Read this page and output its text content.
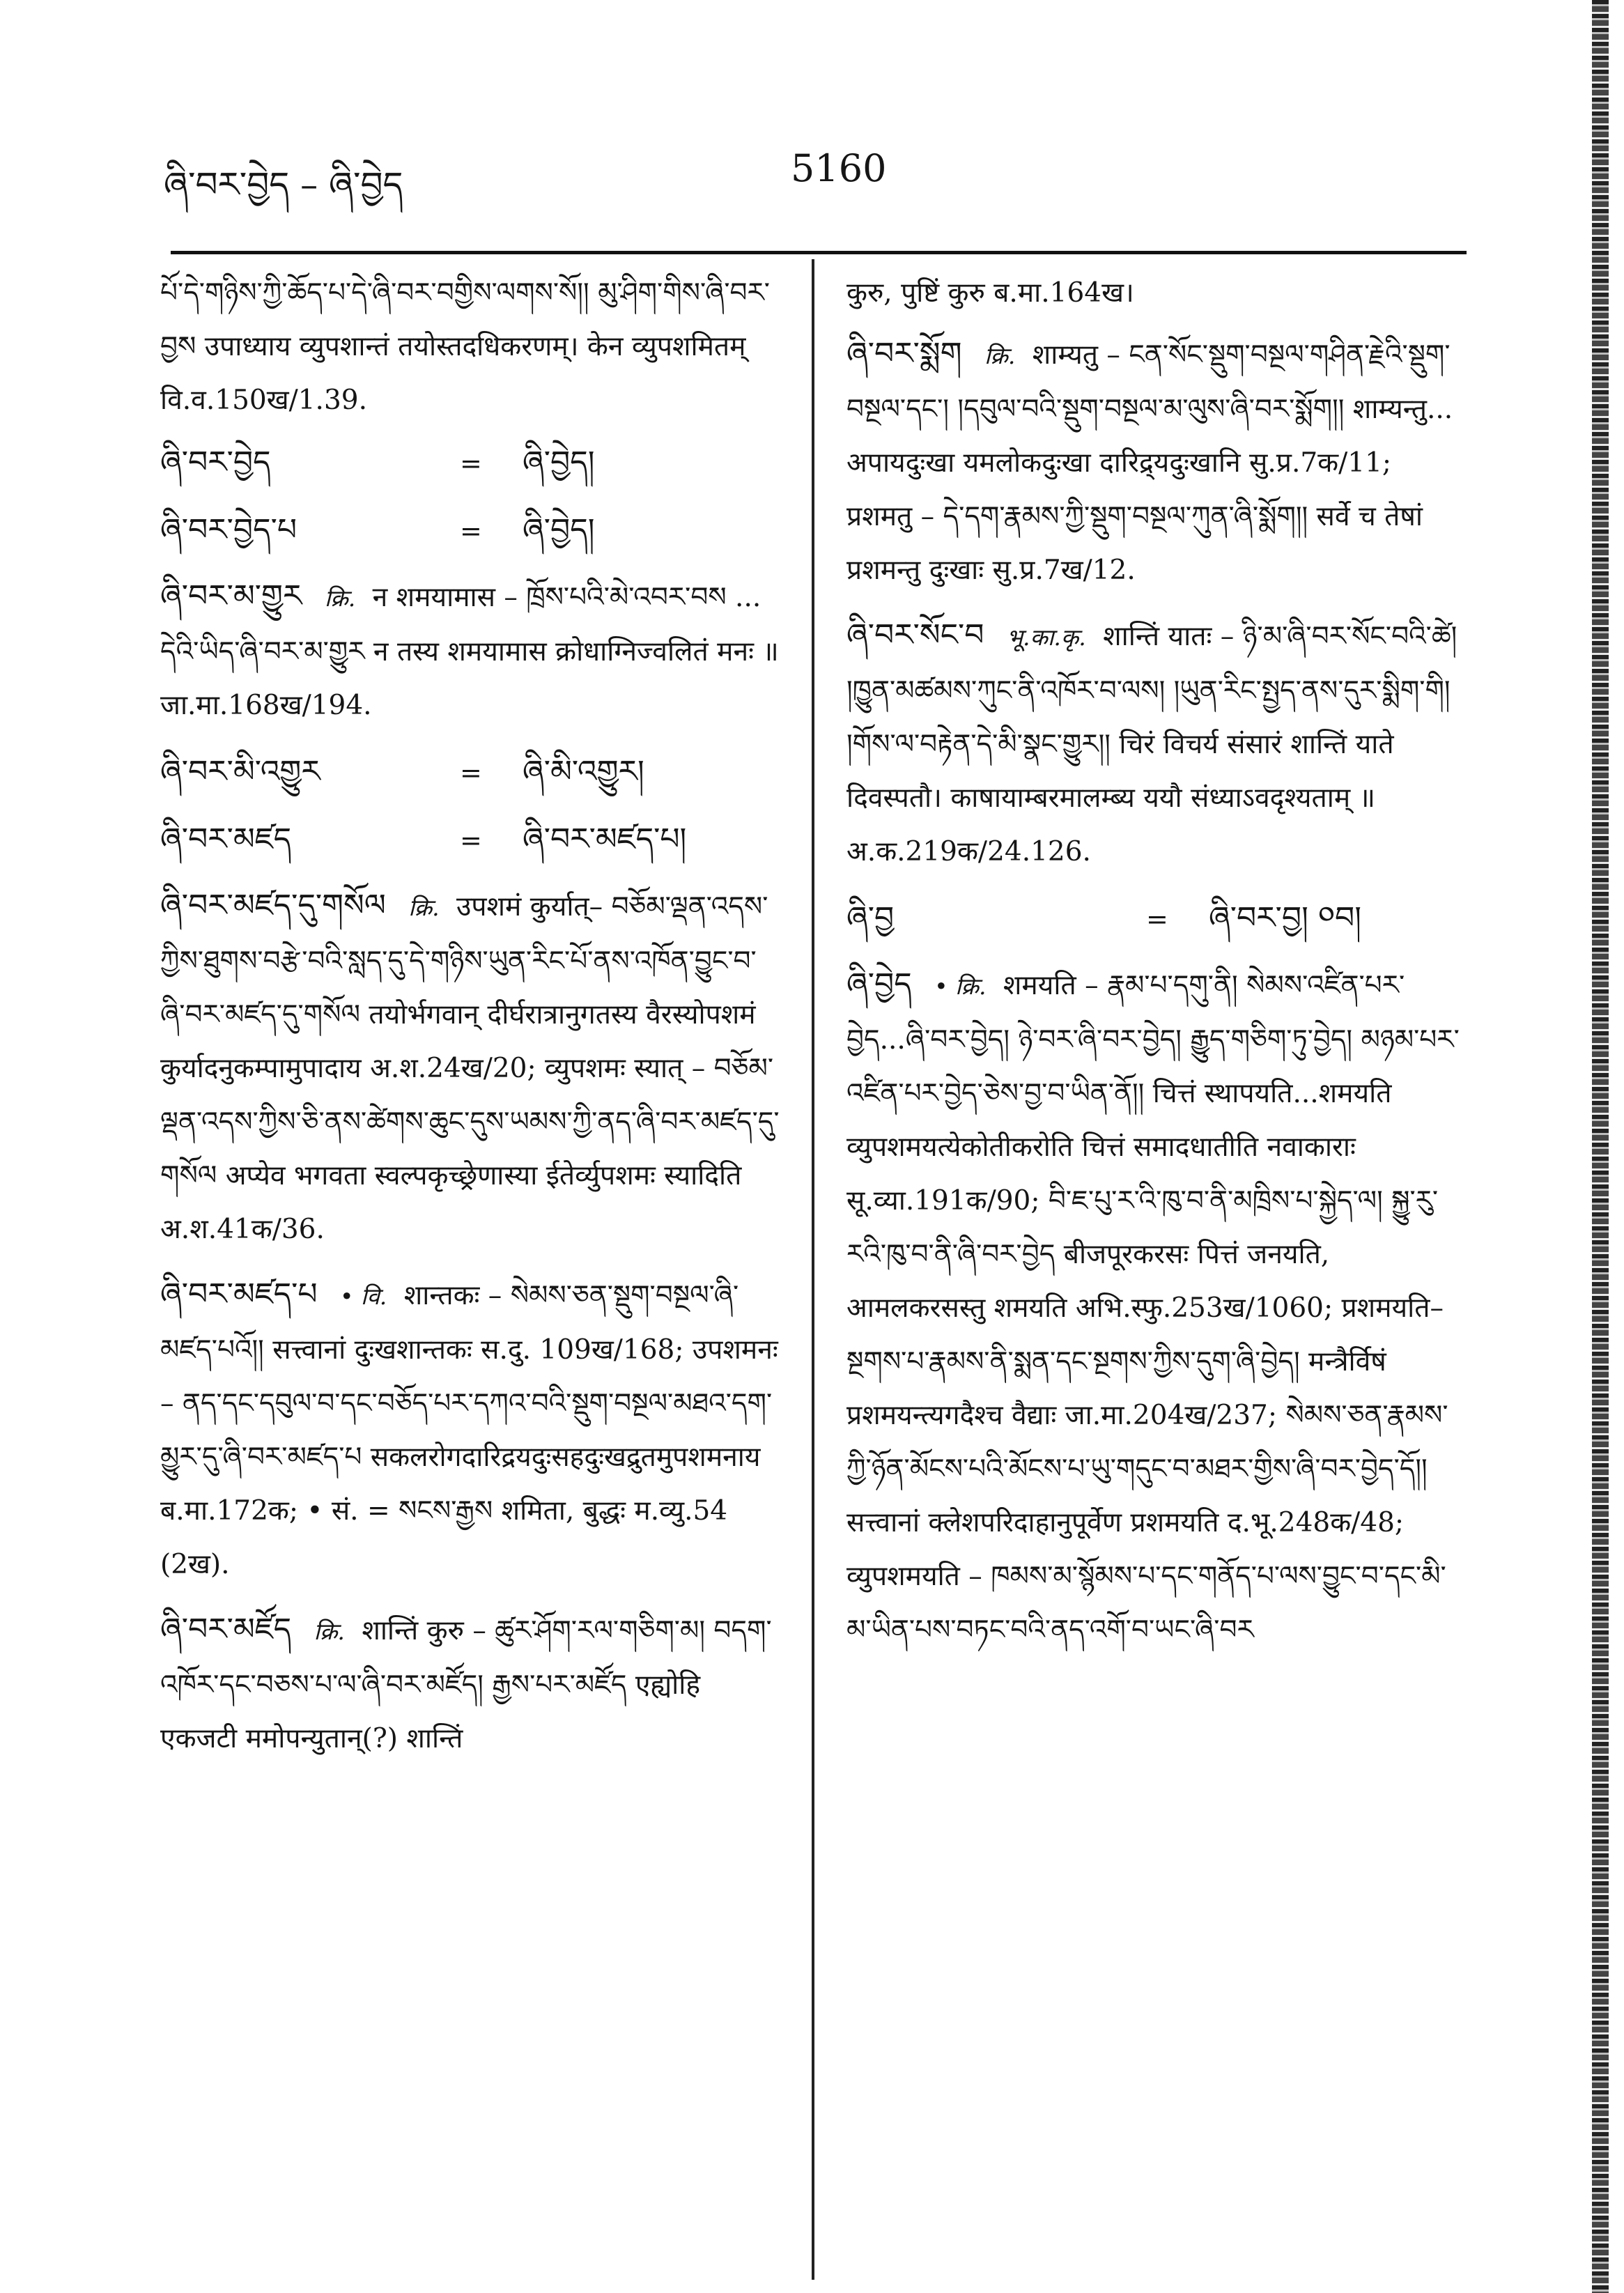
ཞི་བར་བྱེད – ཞི་བྱེད	5160

པོ་དེ་གཉིས་ཀྱི་ཆོད་པ་དེ་ཞི་བར་བགྱིས་ལགས་སོ།། མུ་ཤིག་གིས་ཞི་བར་བྱས उपाध्याय व्युपशान्तं तयोस्तदधिकरणम्। केन व्युपशमितम् वि.व.150ख/1.39.

ཞི་བར་བྱེད	=	ཞི་བྱེད།
ཞི་བར་བྱེད་པ	=	ཞི་བྱེད།

ཞི་བར་མ་གྱུར क्रि. न शमयामास – ཁྲོས་པའི་མེ་འབར་བས ... དེའི་ཡིད་ཞི་བར་མ་གྱུར न तस्य शमयामास क्रोधाग्निज्वलितं मनः ॥ जा.मा.168ख/194.

ཞི་བར་མི་འགྱུར	=	ཞི་མི་འགྱུར།
ཞི་བར་མཛད	=	ཞི་བར་མཛད་པ།

ཞི་བར་མཛད་དུ་གསོལ क्रि. उपशमं कुर्यात्– བཅོམ་ལྡན་འདས་ཀྱིས་ཐུགས་བརྩེ་བའི་སླད་དུ་དེ་གཉིས་ཡུན་རིང་པོ་ནས་འཁོན་བྱུང་བ་ཞི་བར་མཛད་དུ་གསོལ तयोर्भगवान् दीर्घरात्रानुगतस्य वैरस्योपशमं कुर्यादनुकम्पामुपादाय अ.श.24ख/20; व्युपशमः स्यात् – བཅོམ་ལྡན་འདས་ཀྱིས་ཅི་ནས་ཚེགས་ཆུང་དུས་ཡམས་ཀྱི་ནད་ཞི་བར་མཛད་དུ་གསོལ अप्येव भगवता स्वल्पकृच्छ्रेणास्या ईतेर्व्युपशमः स्यादिति अ.श.41क/36.

ཞི་བར་མཛད་པ • वि. शान्तकः – སེམས་ཅན་སྡུག་བསྔལ་ཞི་མཛད་པའོ།། सत्त्वानां दुःखशान्तकः स.दु. 109ख/168; उपशमनः – ནད་དང་དབུལ་བ་དང་བཅོད་པར་དཀའ་བའི་སྡུག་བསྔལ་མཐའ་དག་མྱུར་དུ་ཞི་བར་མཛད་པ सकलरोगदारिद्रयदुःसहदुःखद्रुतमुपशमनाय ब.मा.172क; • सं. = སངས་རྒྱས शमिता, बुद्धः म.व्यु.54 (2ख).

ཞི་བར་མཛོད क्रि. शान्तिं कुरु – ཚུར་ཤོག་རལ་གཅིག་མ། བདག་འཁོར་དང་བཅས་པ་ལ་ཞི་བར་མཛོད། རྒྱས་པར་མཛོད एह्योहि एकजटी ममोपन्युतान्(?) शान्तिं

कुरु, पुष्टिं कुरु ब.मा.164ख।

ཞི་བར་སྨོག क्रि. शाम्यतु – ངན་སོང་སྡུག་བསྔལ་གཤིན་རྗེའི་སྡུག་བསྔལ་དང་། །དབུལ་བའི་སྡུག་བསྔལ་མ་ལུས་ཞི་བར་སྨོག།། शाम्यन्तु... अपायदुःखा यमलोकदुःखा दारिद्र्यदुःखानि सु.प्र.7क/11; प्रशमतु – དེ་དག་རྣམས་ཀྱི་སྡུག་བསྔལ་ཀུན་ཞི་སྨོག།། सर्वे च तेषां प्रशमन्तु दुःखाः सु.प्र.7ख/12.

ཞི་བར་སོང་བ भू.का.कृ. शान्तिं यातः – ཉི་མ་ཞི་བར་སོང་བའི་ཚེ། །ཁྱུན་མཚམས་ཀུང་ནི་འཁོར་བ་ལས། །ཡུན་རིང་སྤྱད་ནས་དུར་སྨིག་གི། །གོས་ལ་བརྟེན་དེ་མི་སྣང་གྱུར།། चिरं विचर्य संसारं शान्तिं याते दिवस्पतौ। काषायाम्बरमालम्ब्य ययौ संध्याऽवदृश्यताम् ॥ अ.क.219क/24.126.

ཞི་བྱ	=	ཞི་བར་བྱ། ༠བ།

ཞི་བྱེད • क्रि. शमयति – རྣམ་པ་དགུ་ནི། སེམས་འཛིན་པར་བྱེད...ཞི་བར་བྱེད། ཉེ་བར་ཞི་བར་བྱེད། རྒྱུད་གཅིག་ཏུ་བྱེད། མཉམ་པར་འཛིན་པར་བྱེད་ཅེས་བྱ་བ་ཡིན་ནོ།། चित्तं स्थापयति...शमयति व्युपशमयत्येकोतीकरोति चित्तं समादधातीति नवाकाराः सू.व्या.191क/90; བི་ཇ་པུ་ར་འི་ཁུ་བ་ནི་མཁྲིས་པ་སྐྱེད་ལ། སྐྱུ་རུ་རའི་ཁུ་བ་ནི་ཞི་བར་བྱེད बीजपूरकरसः पित्तं जनयति, आमलकरसस्तु शमयति अभि.स्फु.253ख/1060; प्रशमयति– སྔགས་པ་རྣམས་ནི་སྨན་དང་སྔགས་ཀྱིས་དུག་ཞི་བྱེད། मन्त्रैर्विषं प्रशमयन्त्यगदैश्च वैद्याः जा.मा.204ख/237; སེམས་ཅན་རྣམས་ཀྱི་ཉོན་མོངས་པའི་མོངས་པ་ཡུ་གདུང་བ་མཐར་གྱིས་ཞི་བར་བྱེད་དོ།། सत्त्वानां क्लेशपरिदाहानुपूर्वेण प्रशमयति द.भू.248क/48; व्युपशमयति – ཁམས་མ་སྙོམས་པ་དང་གནོད་པ་ལས་བྱུང་བ་དང་མི་མ་ཡིན་པས་བཏང་བའི་ནད་འགོ་བ་ཡང་ཞི་བར
